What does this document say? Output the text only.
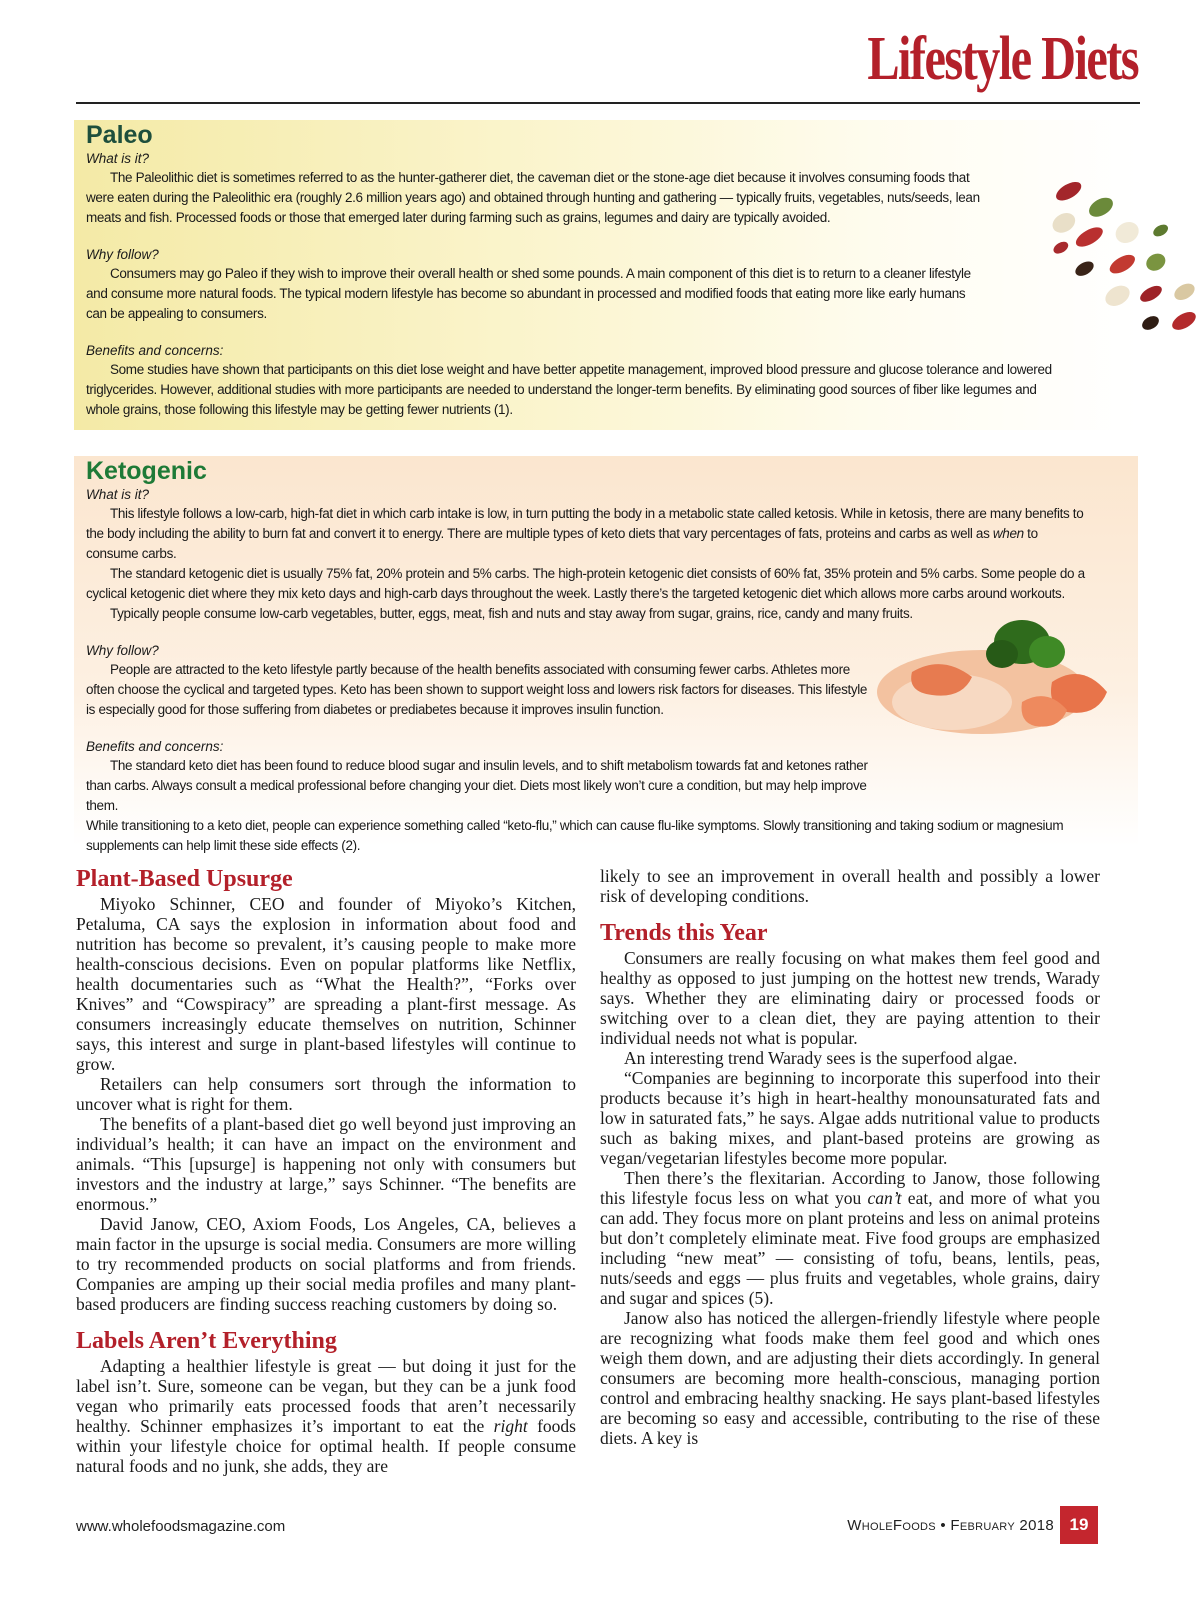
Lifestyle Diets
Paleo

What is it?

The Paleolithic diet is sometimes referred to as the hunter-gatherer diet, the caveman diet or the stone-age diet because it involves consuming foods that were eaten during the Paleolithic era (roughly 2.6 million years ago) and obtained through hunting and gathering — typically fruits, vegetables, nuts/seeds, lean meats and fish. Processed foods or those that emerged later during farming such as grains, legumes and dairy are typically avoided.

Why follow?

Consumers may go Paleo if they wish to improve their overall health or shed some pounds. A main component of this diet is to return to a cleaner lifestyle and consume more natural foods. The typical modern lifestyle has become so abundant in processed and modified foods that eating more like early humans can be appealing to consumers.

Benefits and concerns:

Some studies have shown that participants on this diet lose weight and have better appetite management, improved blood pressure and glucose tolerance and lowered triglycerides. However, additional studies with more participants are needed to understand the longer-term benefits. By eliminating good sources of fiber like legumes and whole grains, those following this lifestyle may be getting fewer nutrients (1).

Ketogenic

What is it?

This lifestyle follows a low-carb, high-fat diet in which carb intake is low, in turn putting the body in a metabolic state called ketosis. While in ketosis, there are many benefits to the body including the ability to burn fat and convert it to energy. There are multiple types of keto diets that vary percentages of fats, proteins and carbs as well as when to consume carbs.

The standard ketogenic diet is usually 75% fat, 20% protein and 5% carbs. The high-protein ketogenic diet consists of 60% fat, 35% protein and 5% carbs. Some people do a cyclical ketogenic diet where they mix keto days and high-carb days throughout the week. Lastly there’s the targeted ketogenic diet which allows more carbs around workouts.

Typically people consume low-carb vegetables, butter, eggs, meat, fish and nuts and stay away from sugar, grains, rice, candy and many fruits.

Why follow?

People are attracted to the keto lifestyle partly because of the health benefits associated with consuming fewer carbs. Athletes more often choose the cyclical and targeted types. Keto has been shown to support weight loss and lowers risk factors for diseases. This lifestyle is especially good for those suffering from diabetes or prediabetes because it improves insulin function.

Benefits and concerns:

The standard keto diet has been found to reduce blood sugar and insulin levels, and to shift metabolism towards fat and ketones rather than carbs. Always consult a medical professional before changing your diet. Diets most likely won’t cure a condition, but may help improve them.

While transitioning to a keto diet, people can experience something called “keto-flu,” which can cause flu-like symptoms. Slowly transitioning and taking sodium or magnesium supplements can help limit these side effects (2).

Plant-Based Upsurge

Miyoko Schinner, CEO and founder of Miyoko’s Kitchen, Petaluma, CA says the explosion in information about food and nutrition has become so prevalent, it’s causing people to make more health-conscious decisions. Even on popular platforms like Netflix, health documentaries such as “What the Health?”, “Forks over Knives” and “Cowspiracy” are spreading a plant-first message. As consumers increasingly educate themselves on nutrition, Schinner says, this interest and surge in plant-based lifestyles will continue to grow.

Retailers can help consumers sort through the information to uncover what is right for them.

The benefits of a plant-based diet go well beyond just improving an individual’s health; it can have an impact on the environment and animals. “This [upsurge] is happening not only with consumers but investors and the industry at large,” says Schinner. “The benefits are enormous.”

David Janow, CEO, Axiom Foods, Los Angeles, CA, believes a main factor in the upsurge is social media. Consumers are more willing to try recommended products on social platforms and from friends. Companies are amping up their social media profiles and many plant-based producers are finding success reaching customers by doing so.

Labels Aren’t Everything

Adapting a healthier lifestyle is great — but doing it just for the label isn’t. Sure, someone can be vegan, but they can be a junk food vegan who primarily eats processed foods that aren’t necessarily healthy. Schinner emphasizes it’s important to eat the right foods within your lifestyle choice for optimal health. If people consume natural foods and no junk, she adds, they are

likely to see an improvement in overall health and possibly a lower risk of developing conditions.

Trends this Year

Consumers are really focusing on what makes them feel good and healthy as opposed to just jumping on the hottest new trends, Warady says. Whether they are eliminating dairy or processed foods or switching over to a clean diet, they are paying attention to their individual needs not what is popular.

An interesting trend Warady sees is the superfood algae.

“Companies are beginning to incorporate this superfood into their products because it’s high in heart-healthy monounsaturated fats and low in saturated fats,” he says. Algae adds nutritional value to products such as baking mixes, and plant-based proteins are growing as vegan/vegetarian lifestyles become more popular.

Then there’s the flexitarian. According to Janow, those following this lifestyle focus less on what you can’t eat, and more of what you can add. They focus more on plant proteins and less on animal proteins but don’t completely eliminate meat. Five food groups are emphasized including “new meat” — consisting of tofu, beans, lentils, peas, nuts/seeds and eggs — plus fruits and vegetables, whole grains, dairy and sugar and spices (5).

Janow also has noticed the allergen-friendly lifestyle where people are recognizing what foods make them feel good and which ones weigh them down, and are adjusting their diets accordingly. In general consumers are becoming more health-conscious, managing portion control and embracing healthy snacking. He says plant-based lifestyles are becoming so easy and accessible, contributing to the rise of these diets. A key is

www.wholefoodsmagazine.com	WholeFoods • February 2018 19
